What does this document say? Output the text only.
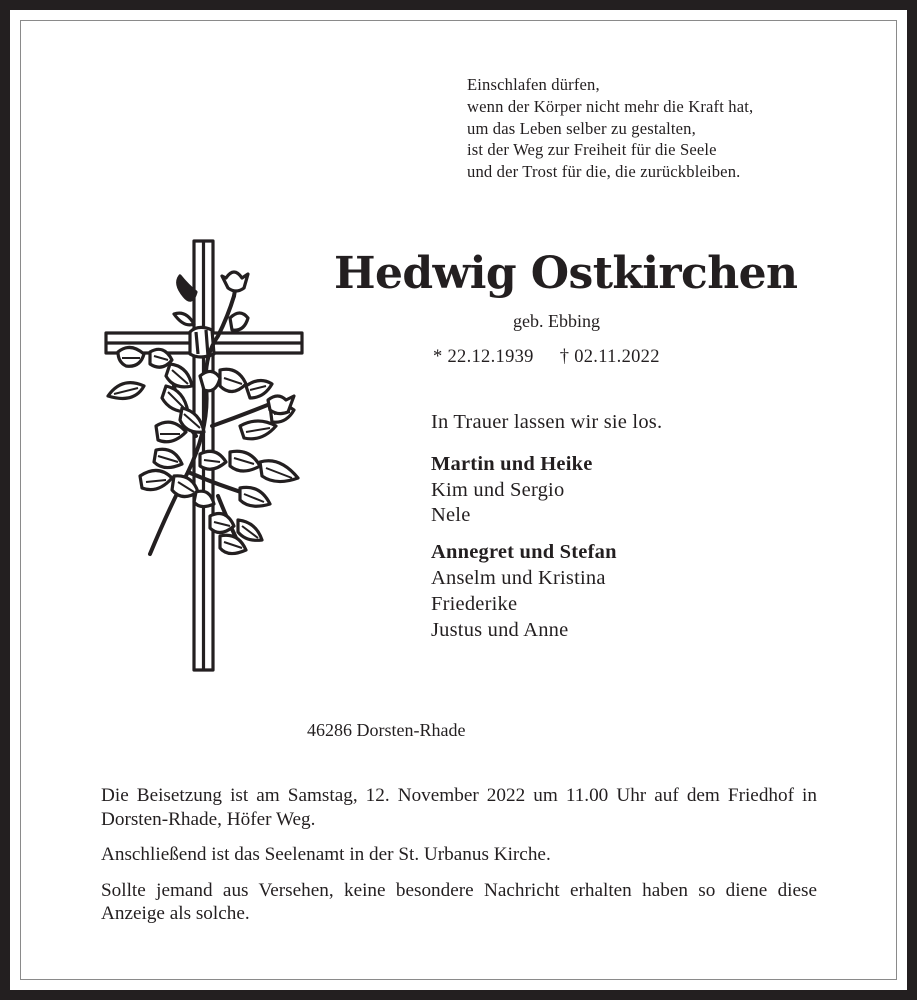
Einschlafen dürfen,
wenn der Körper nicht mehr die Kraft hat,
um das Leben selber zu gestalten,
ist der Weg zur Freiheit für die Seele
und der Trost für die, die zurückbleiben.
Hedwig Ostkirchen
geb. Ebbing
* 22.12.1939 † 02.11.2022
In Trauer lassen wir sie los.
Martin und Heike
Kim und Sergio
Nele
Annegret und Stefan
Anselm und Kristina
Friederike
Justus und Anne
46286 Dorsten-Rhade

Die Beisetzung ist am Samstag, 12. November 2022 um 11.00 Uhr auf dem Friedhof in Dorsten-Rhade, Höfer Weg.

Anschließend ist das Seelenamt in der St. Urbanus Kirche.

Sollte jemand aus Versehen, keine besondere Nachricht erhalten haben so diene diese Anzeige als solche.
